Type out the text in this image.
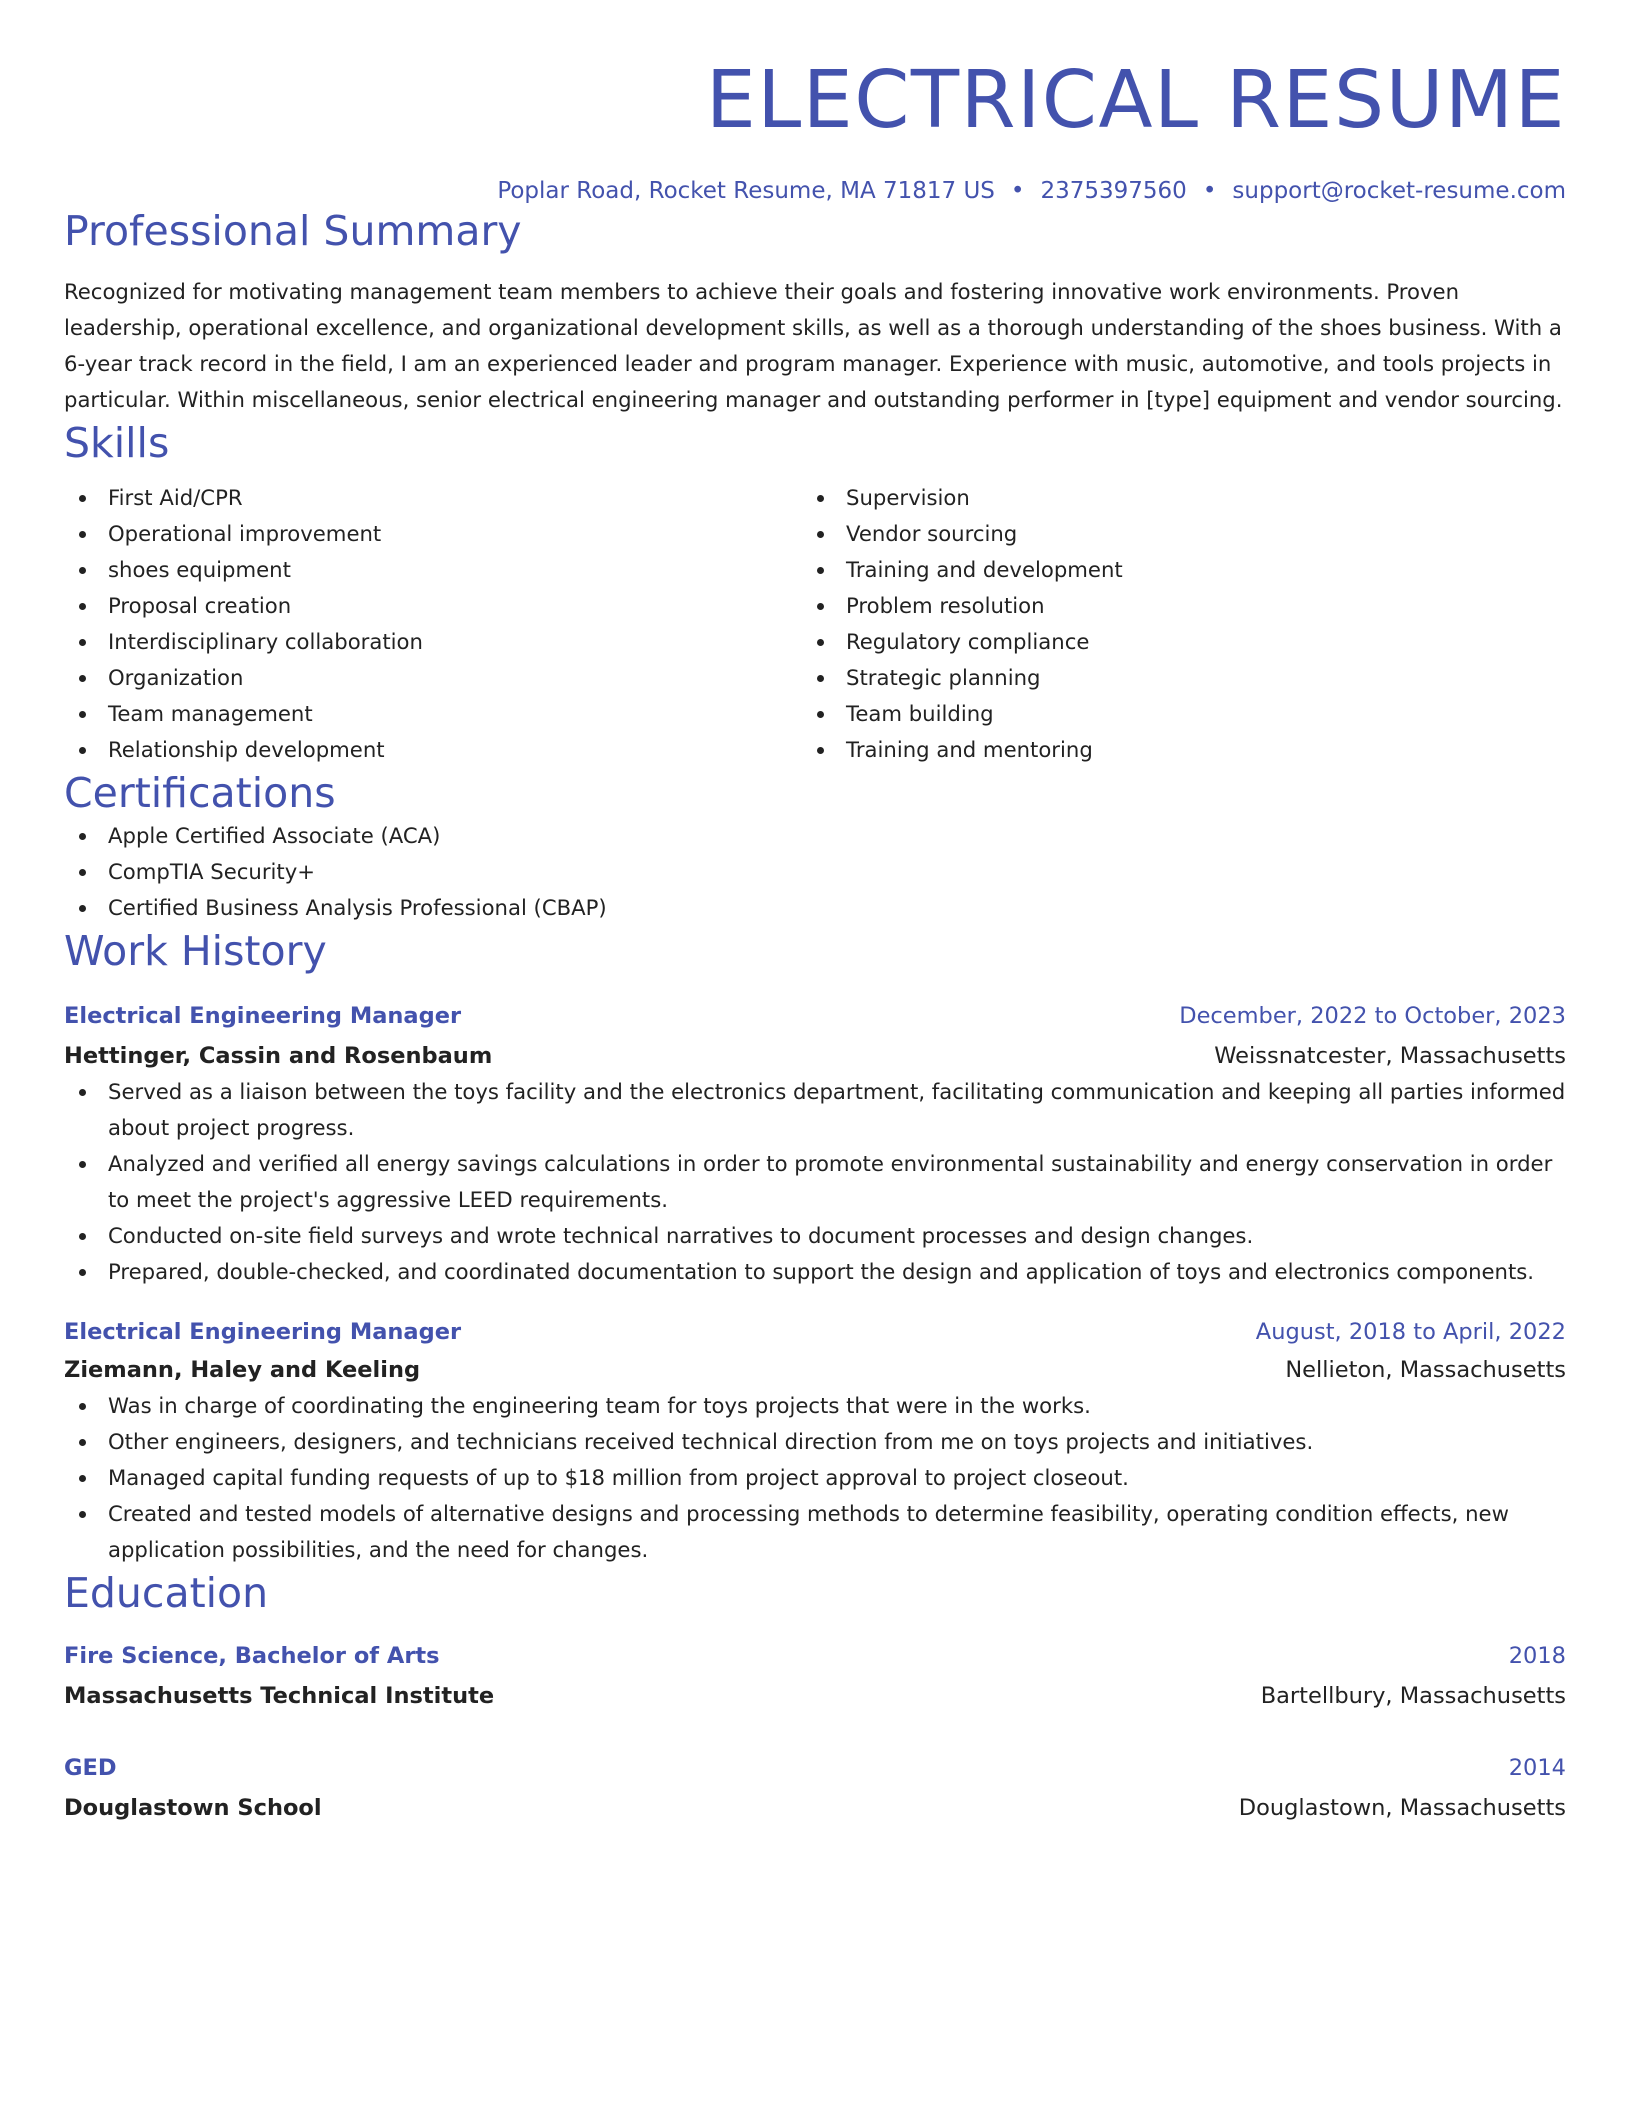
ELECTRICAL RESUME
Poplar Road, Rocket Resume, MA 71817 US • 2375397560 • support@rocket-resume.com
Professional Summary

Recognized for motivating management team members to achieve their goals and fostering innovative work environments. Proven leadership, operational excellence, and organizational development skills, as well as a thorough understanding of the shoes business. With a 6-year track record in the field, I am an experienced leader and program manager. Experience with music, automotive, and tools projects in particular. Within miscellaneous, senior electrical engineering manager and outstanding performer in [type] equipment and vendor sourcing.

Skills
First Aid/CPR
Operational improvement
shoes equipment
Proposal creation
Interdisciplinary collaboration
Organization
Team management
Relationship development
Supervision
Vendor sourcing
Training and development
Problem resolution
Regulatory compliance
Strategic planning
Team building
Training and mentoring
Certifications
Apple Certified Associate (ACA)
CompTIA Security+
Certified Business Analysis Professional (CBAP)
Work History
Electrical Engineering Manager	December, 2022 to October, 2023
Hettinger, Cassin and Rosenbaum	Weissnatcester, Massachusetts
Served as a liaison between the toys facility and the electronics department, facilitating communication and keeping all parties informed about project progress.
Analyzed and verified all energy savings calculations in order to promote environmental sustainability and energy conservation in order to meet the project's aggressive LEED requirements.
Conducted on-site field surveys and wrote technical narratives to document processes and design changes.
Prepared, double-checked, and coordinated documentation to support the design and application of toys and electronics components.
Electrical Engineering Manager	August, 2018 to April, 2022
Ziemann, Haley and Keeling	Nellieton, Massachusetts
Was in charge of coordinating the engineering team for toys projects that were in the works.
Other engineers, designers, and technicians received technical direction from me on toys projects and initiatives.
Managed capital funding requests of up to $18 million from project approval to project closeout.
Created and tested models of alternative designs and processing methods to determine feasibility, operating condition effects, new application possibilities, and the need for changes.
Education
Fire Science, Bachelor of Arts	2018
Massachusetts Technical Institute	Bartellbury, Massachusetts
GED	2014
Douglastown School	Douglastown, Massachusetts
